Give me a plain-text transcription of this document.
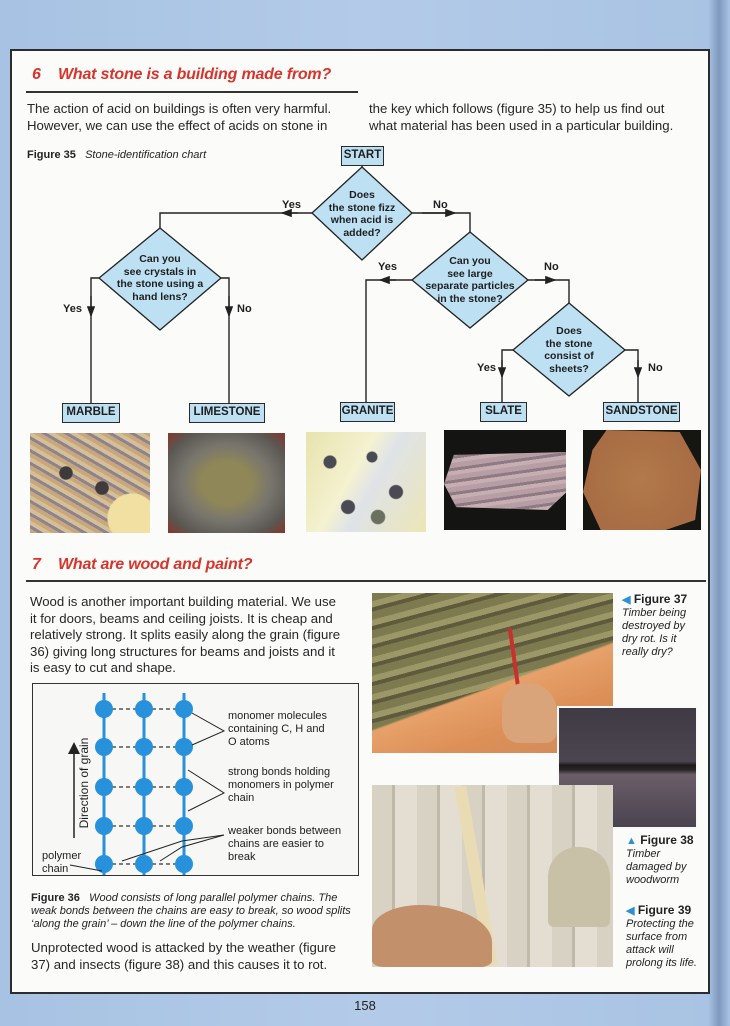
6 What stone is a building made from?
The action of acid on buildings is often very harmful.
However, we can use the effect of acids on stone in
the key which follows (figure 35) to help us find out
what material has been used in a particular building.
Figure 35 Stone-identification chart	START
Does
the stone fizz
when acid is
added?
Yes	No
Can you
see crystals in
the stone using a
hand lens?
Yes	No
Can you
see large
separate particles
in the stone?
Yes	No
Does
the stone
consist of
sheets?
Yes	No
MARBLE	LIMESTONE	GRANITE	SLATE	SANDSTONE
7 What are wood and paint?
Wood is another important building material. We use
it for doors, beams and ceiling joists. It is cheap and
relatively strong. It splits easily along the grain (figure
36) giving long structures for beams and joists and it
is easy to cut and shape.
Direction of grain
monomer molecules
containing C, H and
O atoms
strong bonds holding
monomers in polymer
chain
weaker bonds between
chains are easier to
break
polymer
chain
Figure 36 Wood consists of long parallel polymer chains. The
weak bonds between the chains are easy to break, so wood splits
‘along the grain’ – down the line of the polymer chains.
Unprotected wood is attacked by the weather (figure
37) and insects (figure 38) and this causes it to rot.
◀ Figure 37
Timber being
destroyed by
dry rot. Is it
really dry?
▲ Figure 38
Timber
damaged by
woodworm
◀ Figure 39
Protecting the
surface from
attack will
prolong its life.
158
